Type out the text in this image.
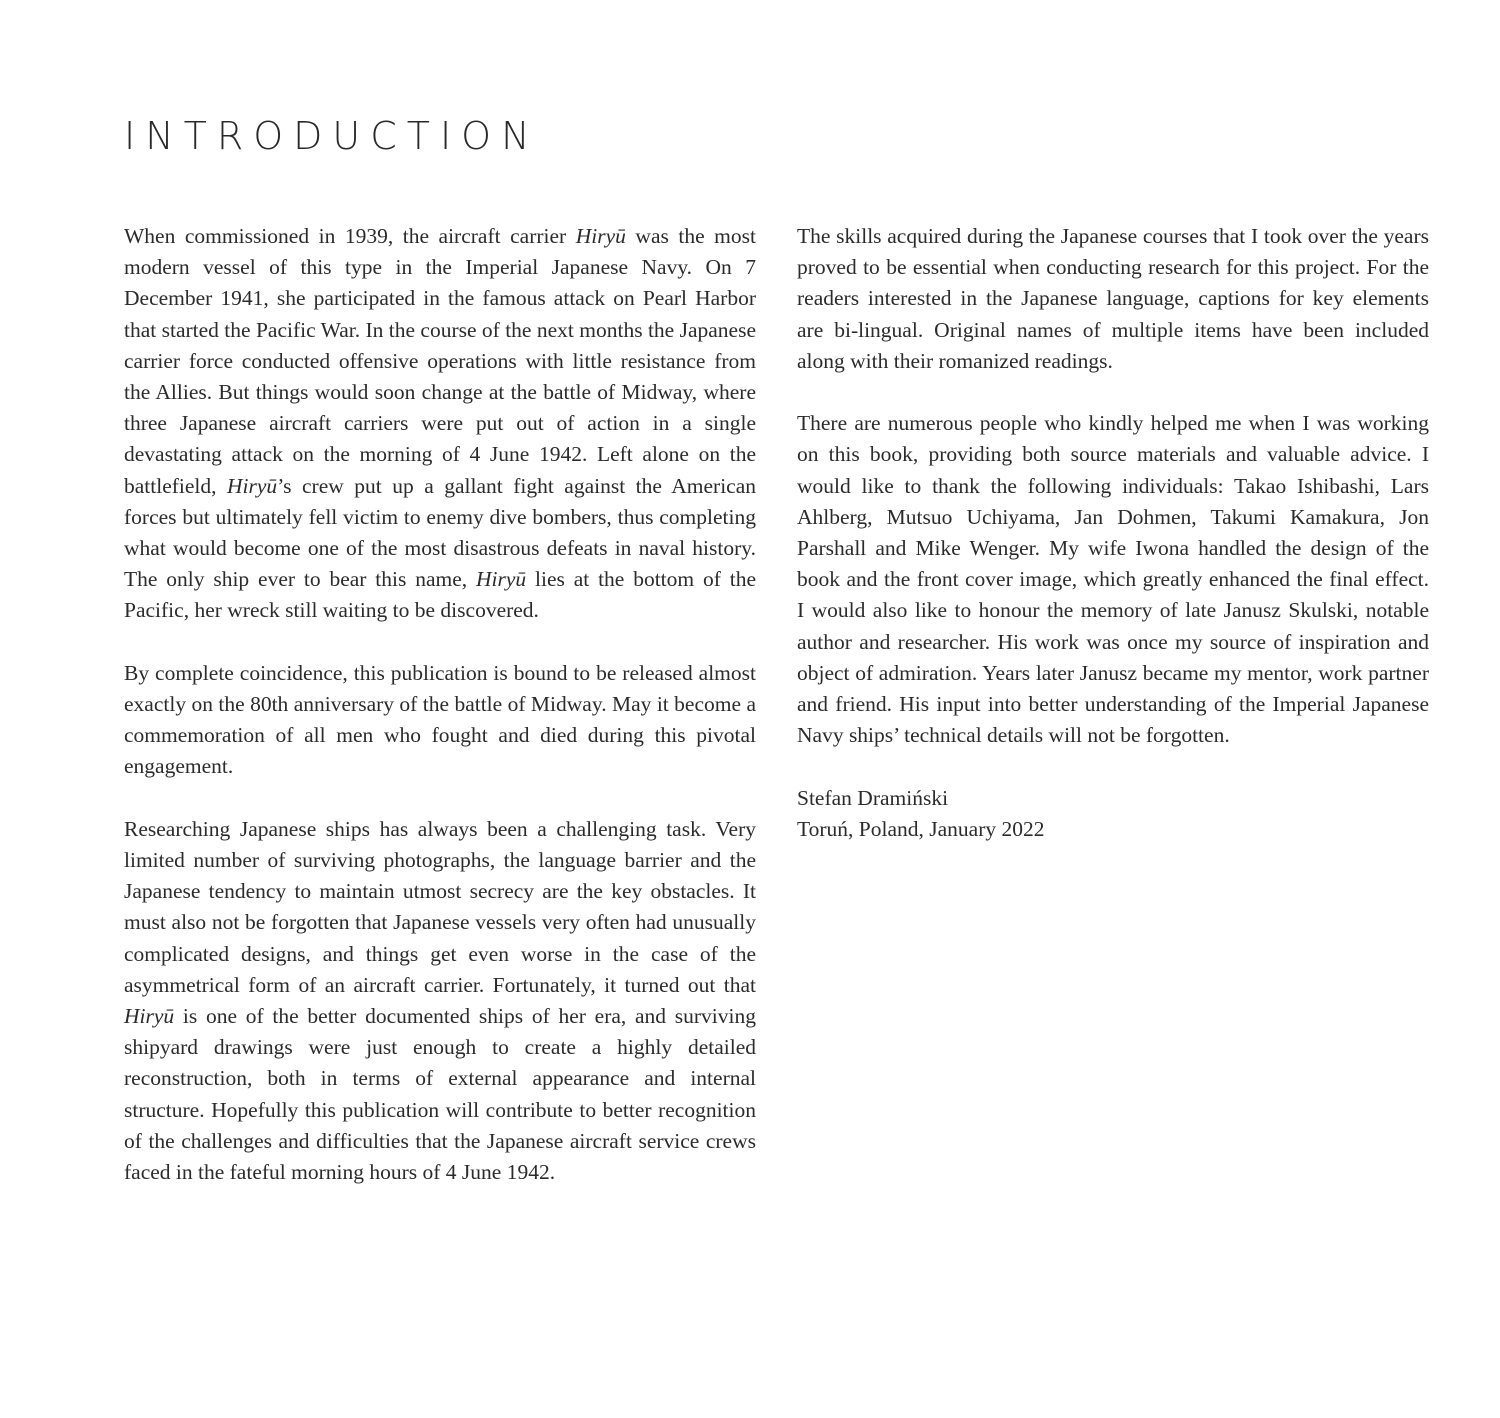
INTRODUCTION

When commissioned in 1939, the aircraft carrier Hiryū was the most modern vessel of this type in the Imperial Japanese Navy. On 7 December 1941, she participated in the famous attack on Pearl Harbor that started the Pacific War. In the course of the next months the Japanese carrier force conducted offensive operations with little resistance from the Allies. But things would soon change at the battle of Midway, where three Japanese aircraft carriers were put out of action in a single devastating attack on the morning of 4 June 1942. Left alone on the battlefield, Hiryū’s crew put up a gallant fight against the American forces but ultimately fell victim to enemy dive bombers, thus completing what would become one of the most disastrous defeats in naval history. The only ship ever to bear this name, Hiryū lies at the bottom of the Pacific, her wreck still waiting to be discovered.

By complete coincidence, this publication is bound to be released almost exactly on the 80th anniversary of the battle of Midway. May it become a commemoration of all men who fought and died during this pivotal engagement.

Researching Japanese ships has always been a challenging task. Very limited number of surviving photographs, the language barrier and the Japanese tendency to maintain utmost secrecy are the key obstacles. It must also not be forgotten that Japanese vessels very often had unusually complicated designs, and things get even worse in the case of the asymmetrical form of an aircraft carrier. Fortunately, it turned out that Hiryū is one of the better documented ships of her era, and surviving shipyard drawings were just enough to create a highly detailed reconstruction, both in terms of external appearance and internal structure. Hopefully this publication will contribute to better recognition of the challenges and difficulties that the Japanese aircraft service crews faced in the fateful morning hours of 4 June 1942.

The skills acquired during the Japanese courses that I took over the years proved to be essential when conducting research for this project. For the readers interested in the Japanese language, captions for key elements are bi-lingual. Original names of multiple items have been included along with their romanized readings.

There are numerous people who kindly helped me when I was working on this book, providing both source materials and valuable advice. I would like to thank the following individuals: Takao Ishibashi, Lars Ahlberg, Mutsuo Uchiyama, Jan Dohmen, Takumi Kamakura, Jon Parshall and Mike Wenger. My wife Iwona handled the design of the book and the front cover image, which greatly enhanced the final effect. I would also like to honour the memory of late Janusz Skulski, notable author and researcher. His work was once my source of inspiration and object of admiration. Years later Janusz became my mentor, work partner and friend. His input into better understanding of the Imperial Japanese Navy ships’ technical details will not be forgotten.

Stefan Dramiński
Toruń, Poland, January 2022
